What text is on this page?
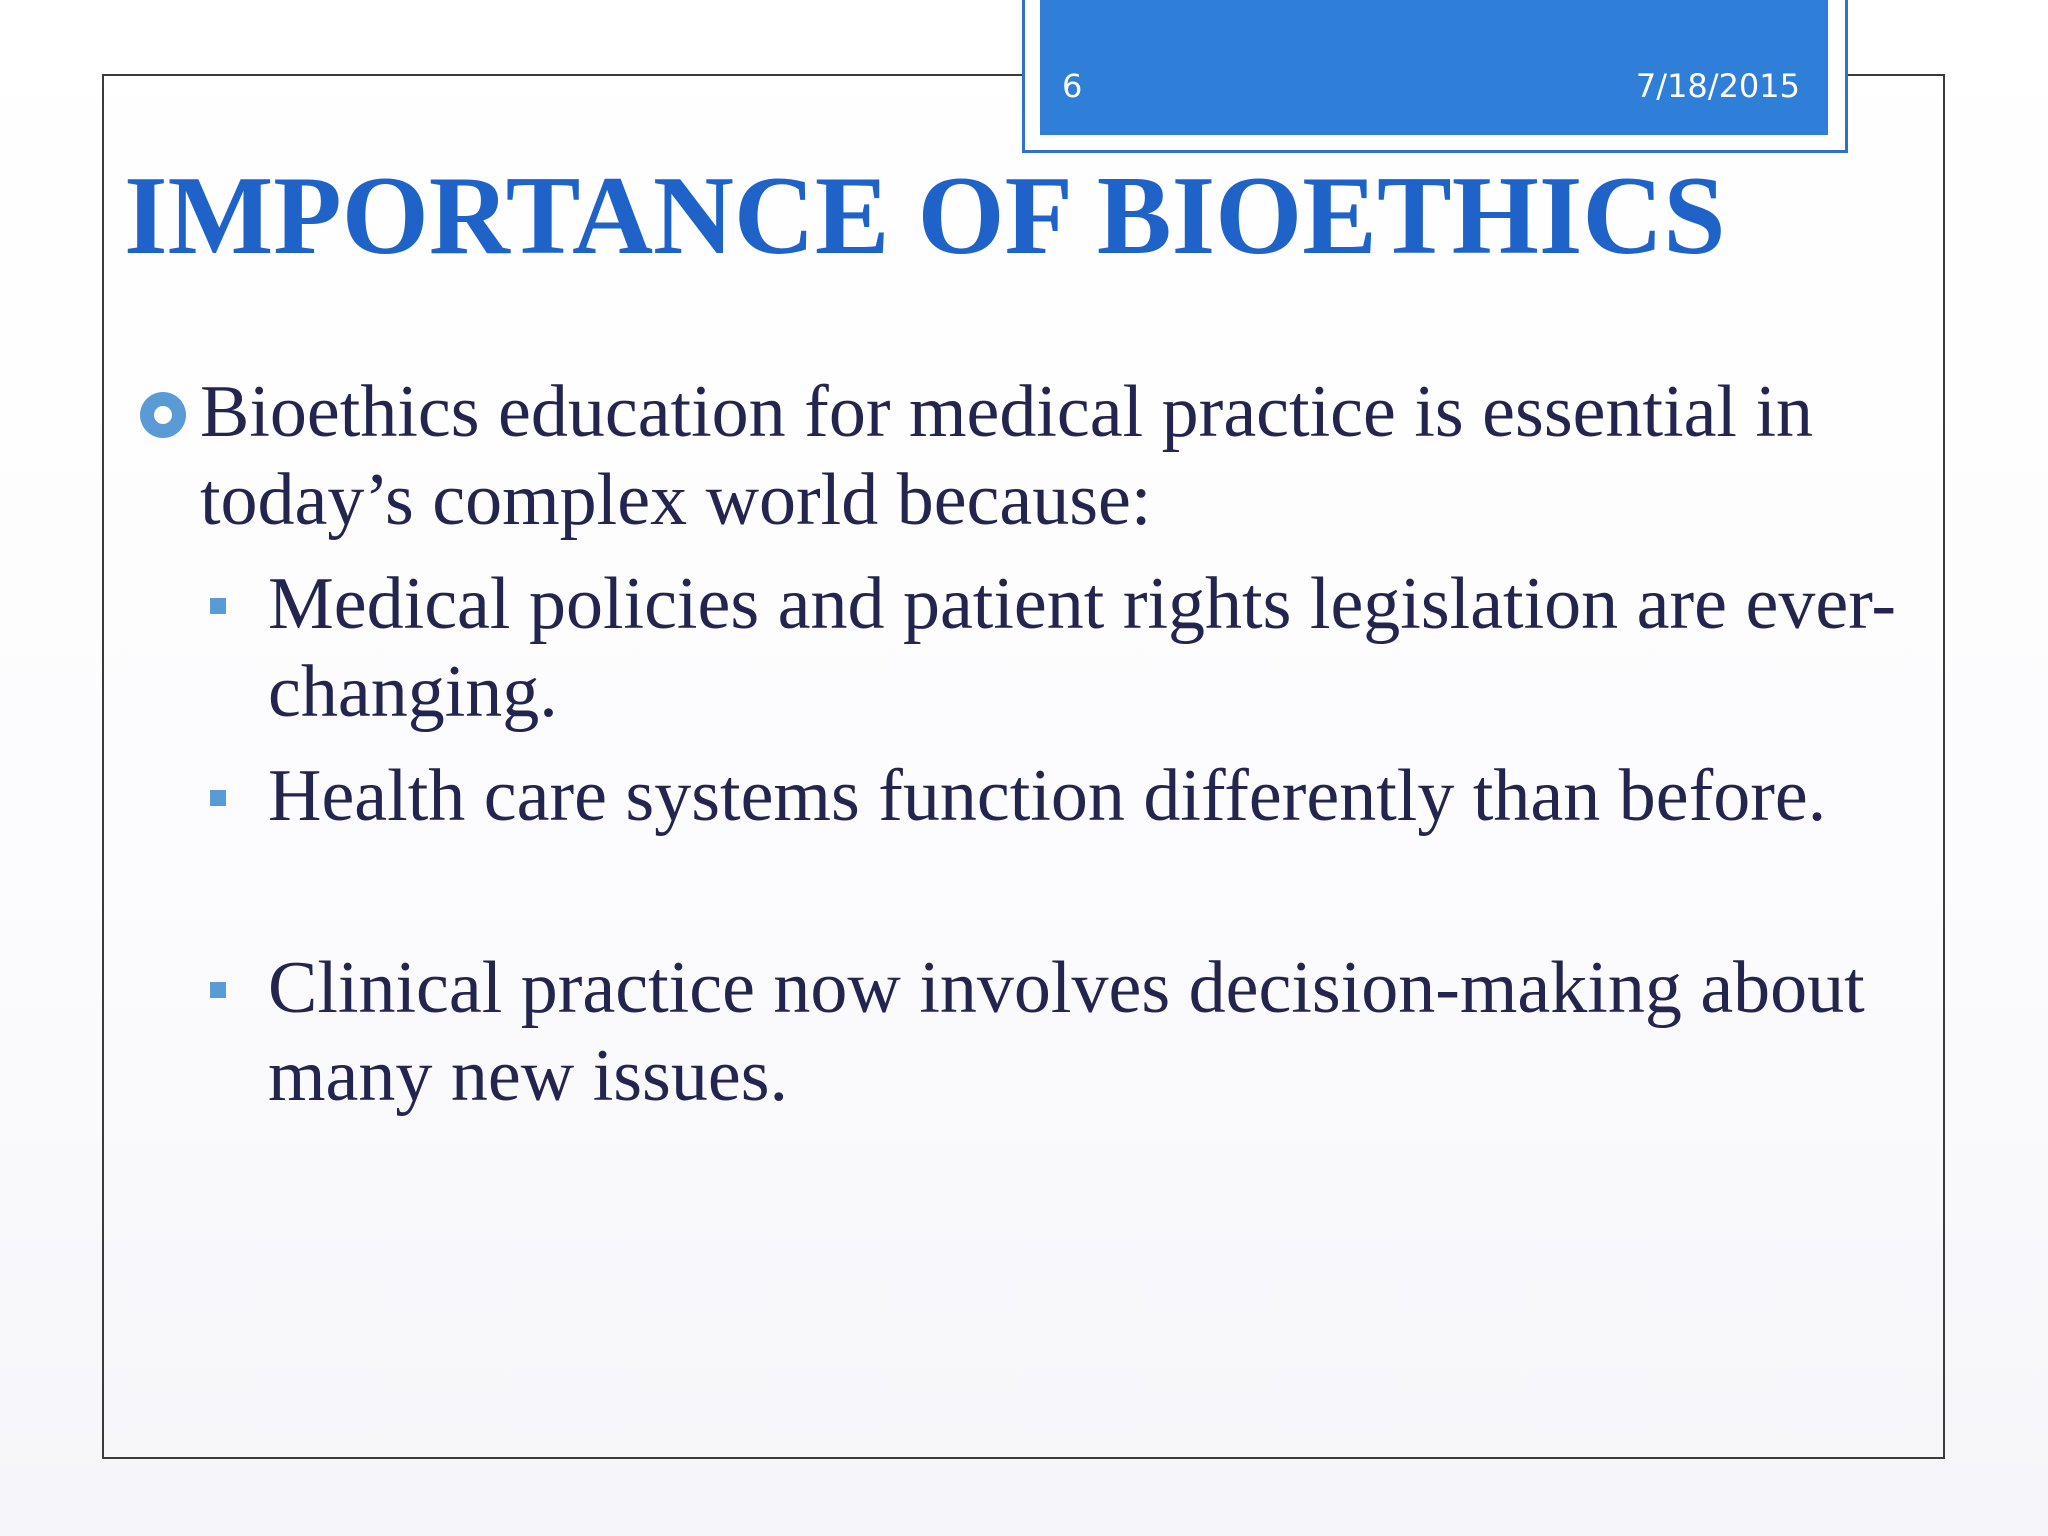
6	7/18/2015
IMPORTANCE OF BIOETHICS
Bioethics education for medical practice is essential in today’s complex world because:
Medical policies and patient rights legislation are ever-changing.
Health care systems function differently than before.
Clinical practice now involves decision-making about many new issues.
